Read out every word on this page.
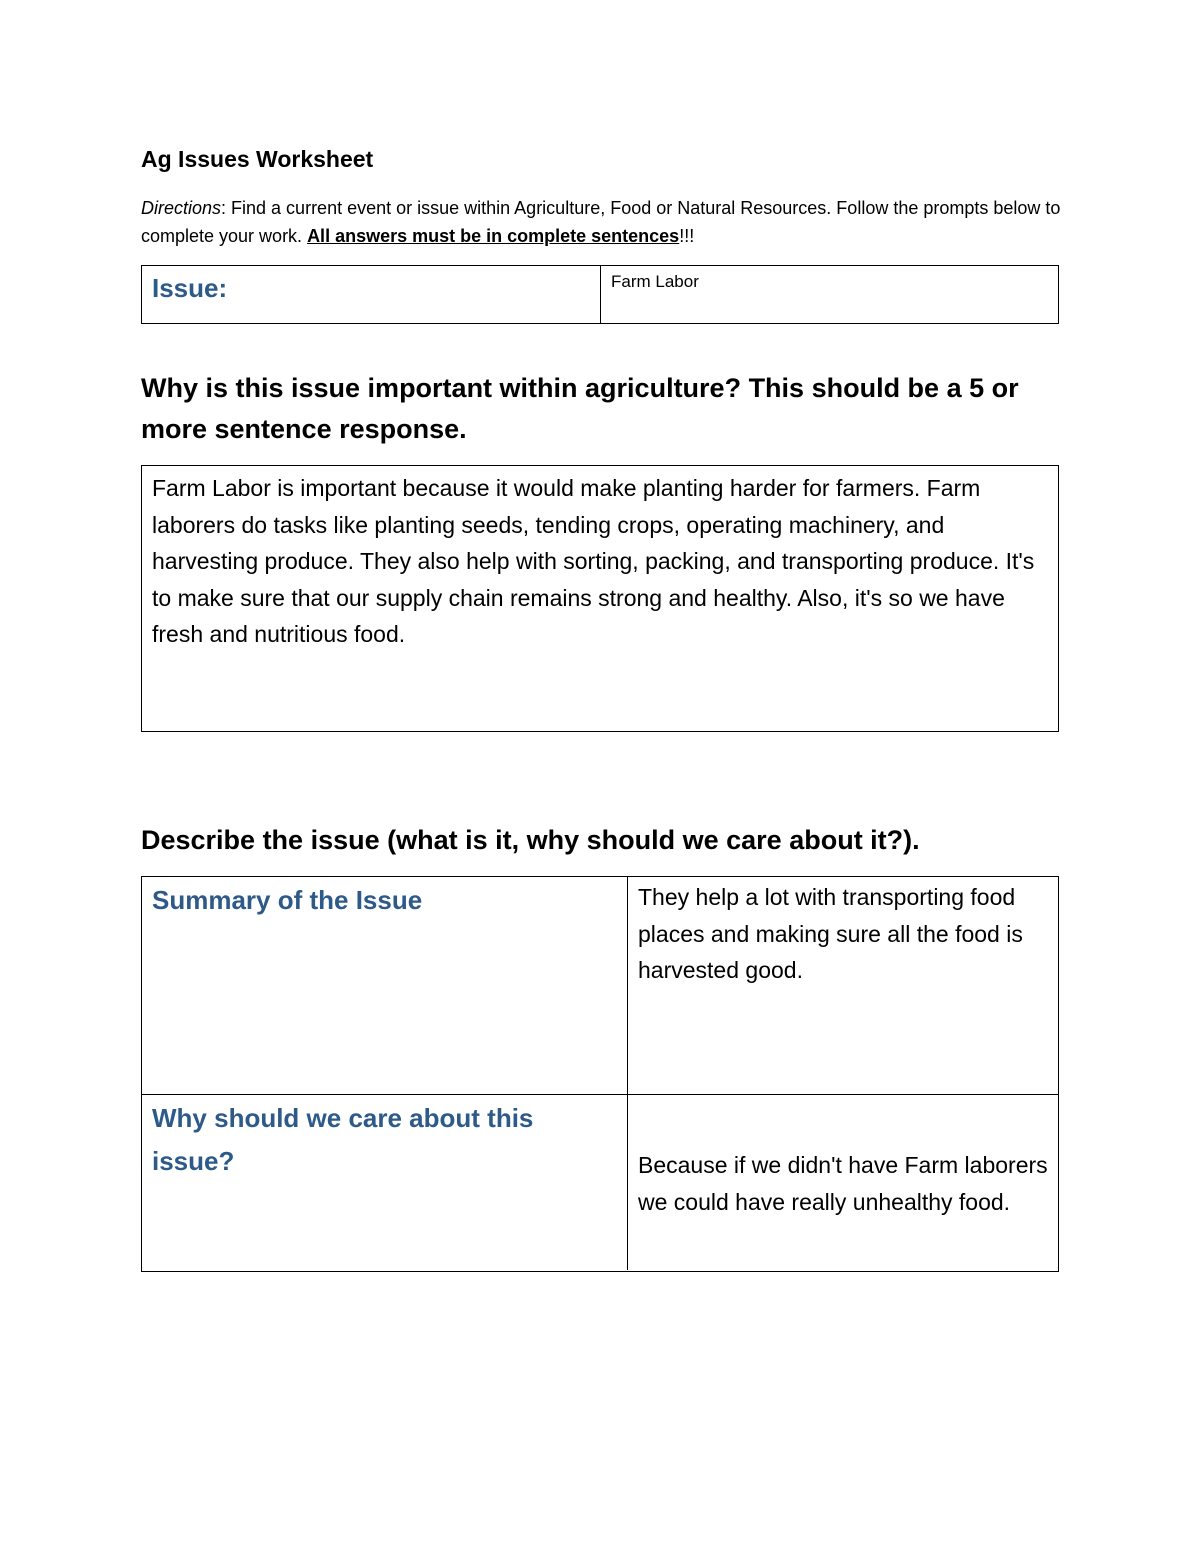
Ag Issues Worksheet

Directions: Find a current event or issue within Agriculture, Food or Natural Resources. Follow the prompts below to complete your work. All answers must be in complete sentences!!!

Issue:	Farm Labor

Why is this issue important within agriculture? This should be a 5 or more sentence response.

Farm Labor is important because it would make planting harder for farmers. Farm laborers do tasks like planting seeds, tending crops, operating machinery, and harvesting produce. They also help with sorting, packing, and transporting produce. It's to make sure that our supply chain remains strong and healthy. Also, it's so we have fresh and nutritious food.

Describe the issue (what is it, why should we care about it?).

Summary of the Issue	They help a lot with transporting food places and making sure all the food is harvested good.
Why should we care about this issue?	Because if we didn't have Farm laborers we could have really unhealthy food.
